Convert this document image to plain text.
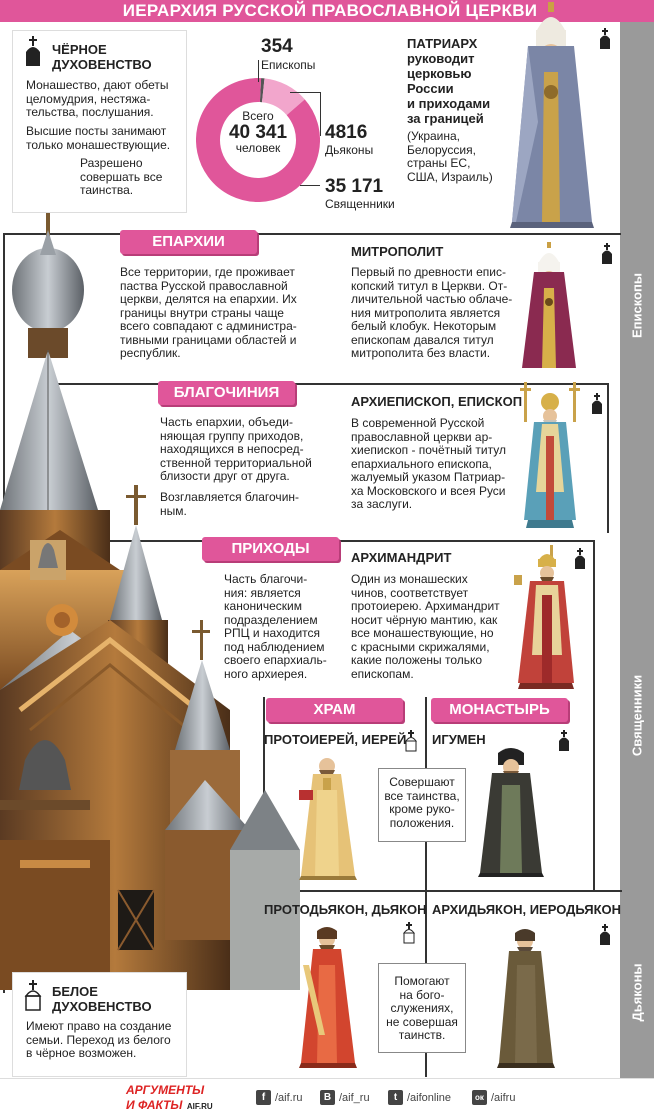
ИЕРАРХИЯ РУССКОЙ ПРАВОСЛАВНОЙ ЦЕРКВИ
Епископы
Священники
Дьяконы
ЧЁРНОЕ
ДУХОВЕНСТВО
Монашество, дают обеты
целомудрия, нестяжа-
тельства, послушания.
Высшие посты занимают
только монашествующие.
Разрешено
совершать все
таинства.
Всего
40 341
человек
354
Епископы
4816
Дьяконы
35 171
Священники
ПАТРИАРХ
руководит
церковью
России
и приходами
за границей
(Украина,
Белоруссия,
страны ЕС,
США, Израиль)
ЕПАРХИИ
Все территории, где проживает
паства Русской православной
церкви, делятся на епархии. Их
границы внутри страны чаще
всего совпадают с администра-
тивными границами областей и
республик.
МИТРОПОЛИТ
Первый по древности епис-
копский титул в Церкви. От-
личительной частью облаче-
ния митрополита является
белый клобук. Некоторым
епископам давался титул
митрополита без власти.
БЛАГОЧИНИЯ
Часть епархии, объеди-
няющая группу приходов,
находящихся в непосред-
ственной территориальной
близости друг от друга.
Возглавляется благочин-
ным.
АРХИЕПИСКОП, ЕПИСКОП
В современной Русской
православной церкви ар-
хиепископ - почётный титул
епархиального епископа,
жалуемый указом Патриар-
ха Московского и всея Руси
за заслуги.
ПРИХОДЫ
Часть благочи-
ния: является
каноническим
подразделением
РПЦ и находится
под наблюдением
своего епархиаль-
ного архиерея.
АРХИМАНДРИТ
Один из монашеских
чинов, соответствует
протоиерею. Архимандрит
носит чёрную мантию, как
все монашествующие, но
с красными скрижалями,
какие положены только
епископам.
ХРАМ
ПРОТОИЕРЕЙ, ИЕРЕЙ
Совершают
все таинства,
кроме руко-
положения.
МОНАСТЫРЬ
ИГУМЕН
ПРОТОДЬЯКОН, ДЬЯКОН
Помогают
на бого-
служениях,
не совершая
таинств.
АРХИДЬЯКОН, ИЕРОДЬЯКОН
БЕЛОЕ
ДУХОВЕНСТВО
Имеют право на создание
семьи. Переход из белого
в чёрное возможен.
АРГУМЕНТЫ
И ФАКТЫ AIF.RU
f /aif.ru	В /aif_ru	t /aifonline	ок /aifru
